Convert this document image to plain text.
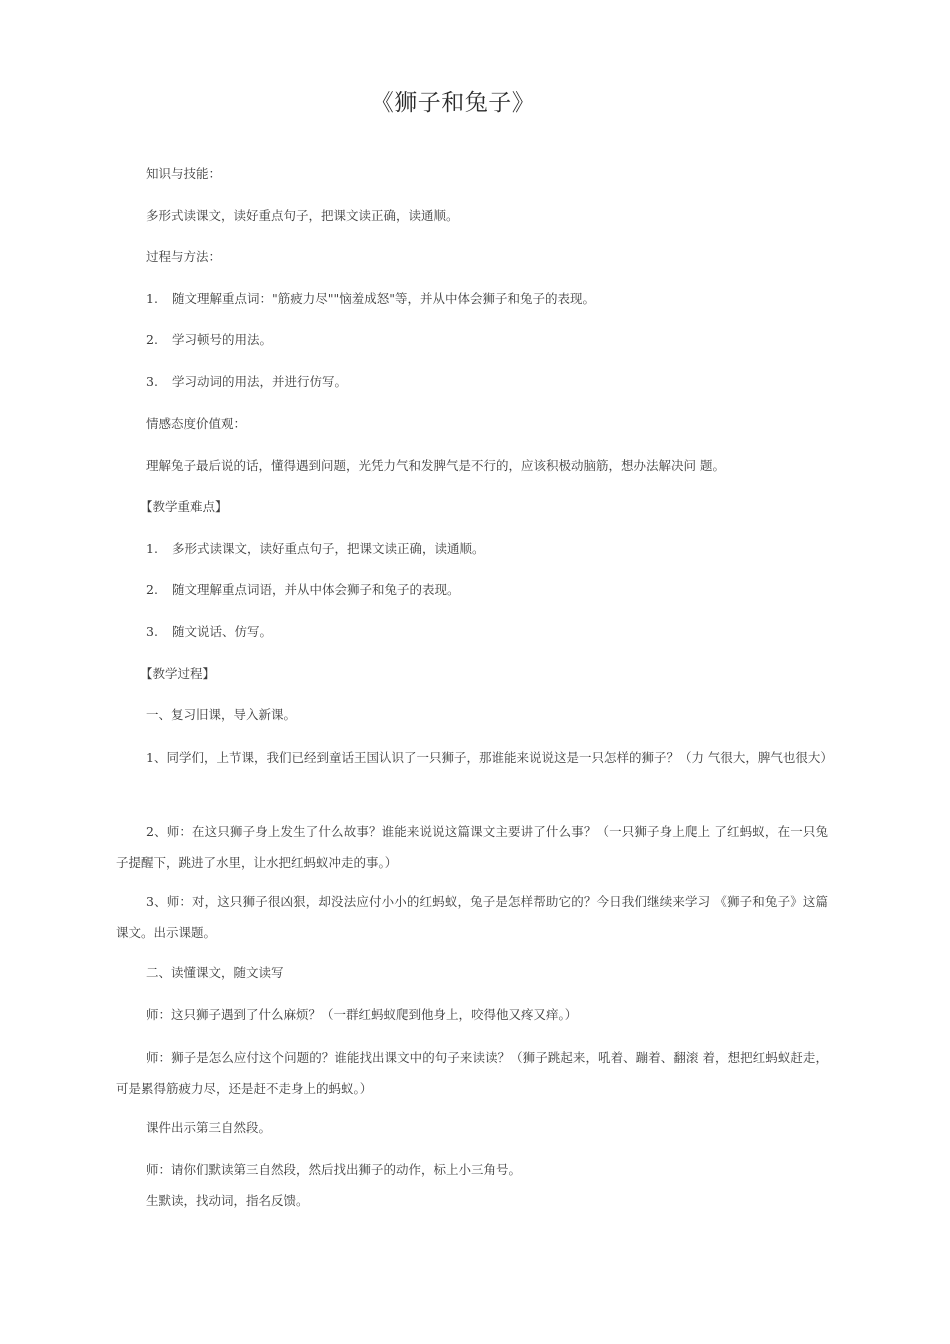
《狮子和兔子》
知识与技能：
多形式读课文，读好重点句子，把课文读正确，读通顺。
过程与方法：
1. 随文理解重点词："筋疲力尽""恼羞成怒"等，并从中体会狮子和兔子的表现。
2. 学习顿号的用法。
3. 学习动词的用法，并进行仿写。
情感态度价值观：
理解兔子最后说的话，懂得遇到问题，光凭力气和发脾气是不行的，应该积极动脑筋，想办法解决问 题。
【教学重难点】
1. 多形式读课文，读好重点句子，把课文读正确，读通顺。
2. 随文理解重点词语，并从中体会狮子和兔子的表现。
3. 随文说话、仿写。
【教学过程】
一、复习旧课，导入新课。

1、同学们，上节课，我们已经到童话王国认识了一只狮子，那谁能来说说这是一只怎样的狮子？（力 气很大，脾气也很大）

2、师：在这只狮子身上发生了什么故事？谁能来说说这篇课文主要讲了什么事？（一只狮子身上爬上 了红蚂蚁，在一只兔子提醒下，跳进了水里，让水把红蚂蚁冲走的事。）

3、师：对，这只狮子很凶狠，却没法应付小小的红蚂蚁，兔子是怎样帮助它的？今日我们继续来学习 《狮子和兔子》这篇课文。出示课题。

二、读懂课文，随文读写
师：这只狮子遇到了什么麻烦？（一群红蚂蚁爬到他身上，咬得他又疼又痒。）

师：狮子是怎么应付这个问题的？谁能找出课文中的句子来读读？（狮子跳起来，吼着、蹦着、翻滚 着，想把红蚂蚁赶走，可是累得筋疲力尽，还是赶不走身上的蚂蚁。）

课件出示第三自然段。
师：请你们默读第三自然段，然后找出狮子的动作，标上小三角号。
生默读，找动词，指名反馈。
